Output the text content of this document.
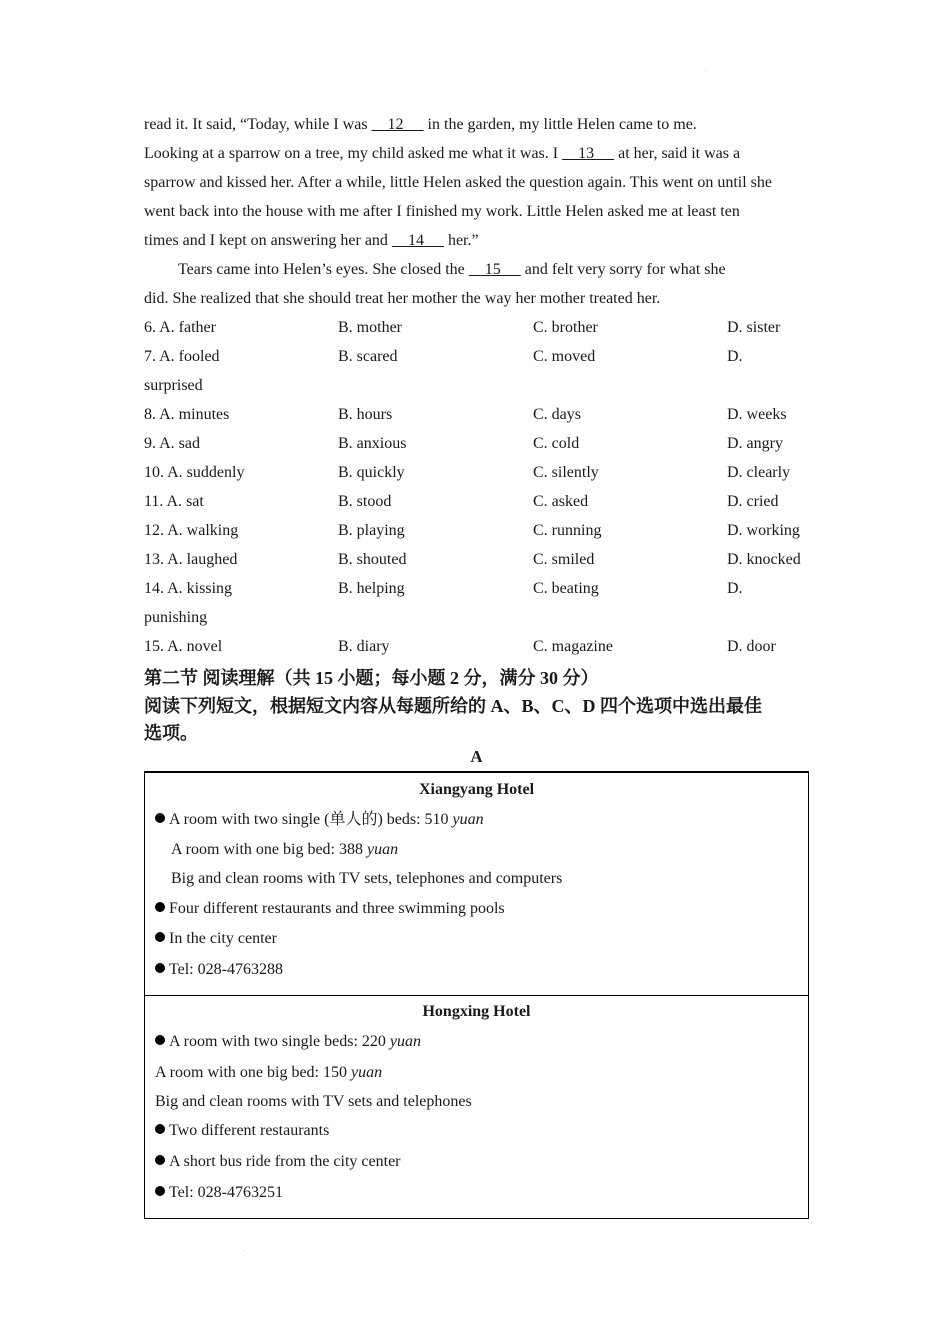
read it. It said, “Today, while I was     12      in the garden, my little Helen came to me.
Looking at a sparrow on a tree, my child asked me what it was. I     13      at her, said it was a
sparrow and kissed her. After a while, little Helen asked the question again. This went on until she
went back into the house with me after I finished my work. Little Helen asked me at least ten
times and I kept on answering her and     14      her.”
Tears came into Helen’s eyes. She closed the     15      and felt very sorry for what she
did. She realized that she should treat her mother the way her mother treated her.
6. A. father	B. mother	C. brother	D. sister
7. A. fooled	B. scared	C. moved	D.
surprised
8. A. minutes	B. hours	C. days	D. weeks
9. A. sad	B. anxious	C. cold	D. angry
10. A. suddenly	B. quickly	C. silently	D. clearly
11. A. sat	B. stood	C. asked	D. cried
12. A. walking	B. playing	C. running	D. working
13. A. laughed	B. shouted	C. smiled	D. knocked
14. A. kissing	B. helping	C. beating	D.
punishing
15. A. novel	B. diary	C. magazine	D. door
第二节 阅读理解（共 15 小题；每小题 2 分，满分 30 分）
阅读下列短文，根据短文内容从每题所给的 A、B、C、D 四个选项中选出最佳
选项。
A
Xiangyang Hotel
A room with two single (单人的) beds: 510 yuan
A room with one big bed: 388 yuan
Big and clean rooms with TV sets, telephones and computers
Four different restaurants and three swimming pools
In the city center
Tel: 028-4763288
Hongxing Hotel
A room with two single beds: 220 yuan
A room with one big bed: 150 yuan
Big and clean rooms with TV sets and telephones
Two different restaurants
A short bus ride from the city center
Tel: 028-4763251
